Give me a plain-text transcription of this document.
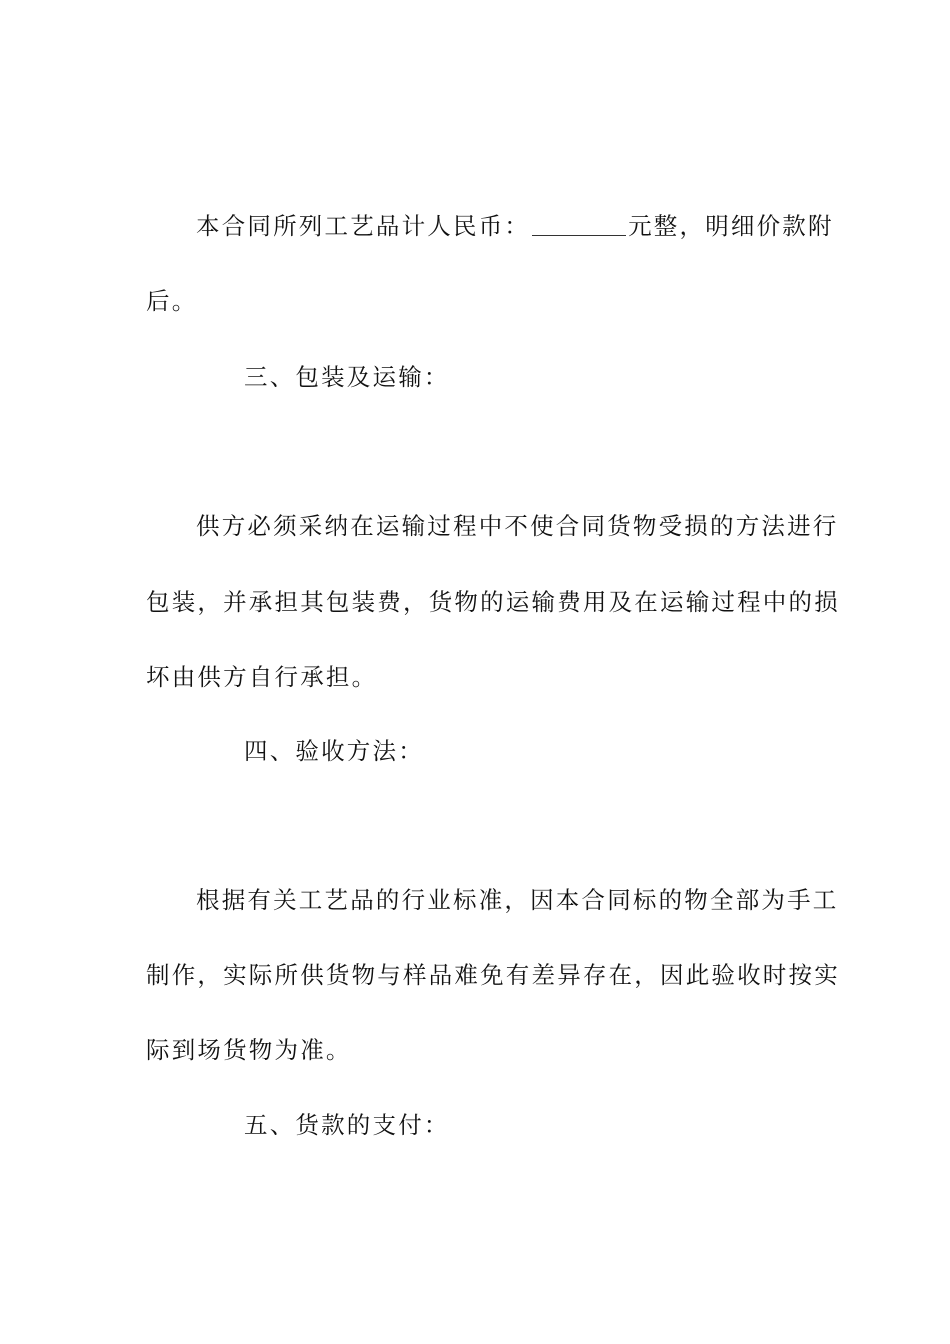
本合同所列工艺品计人民币：	元整，明细价款附
后。
三、包装及运输：
供方必须采纳在运输过程中不使合同货物受损的方法进行
包装，并承担其包装费，货物的运输费用及在运输过程中的损
坏由供方自行承担。
四、验收方法：
根据有关工艺品的行业标准，因本合同标的物全部为手工
制作，实际所供货物与样品难免有差异存在，因此验收时按实
际到场货物为准。
五、货款的支付：
